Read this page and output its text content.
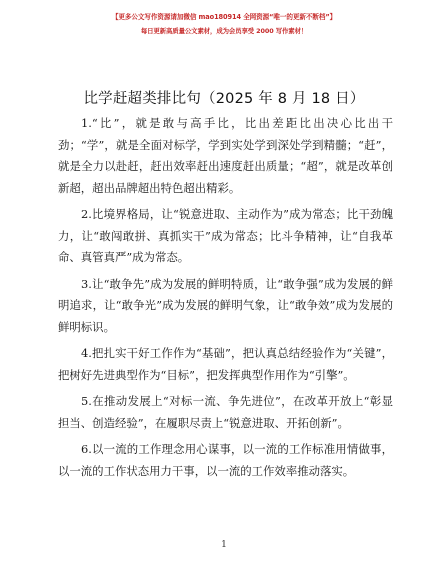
【更多公文写作资源请加微信 mao180914 全网资源“唯一的更新不断档”】
每日更新高质量公文素材，成为会员享受 2000 写作素材！
比学赶超类排比句（2025 年 8 月 18 日）

1.“比”，就是敢与高手比，比出差距比出决心比出干劲；“学”，就是全面对标学，学到实处学到深处学到精髓；“赶”，就是全力以赴赶，赶出效率赶出速度赶出质量；“超”，就是改革创新超，超出品牌超出特色超出精彩。

2.比境界格局，让“锐意进取、主动作为”成为常态；比干劲魄力，让“敢闯敢拼、真抓实干”成为常态；比斗争精神，让“自我革命、真管真严”成为常态。

3.让“敢争先”成为发展的鲜明特质，让“敢争强”成为发展的鲜明追求，让“敢争光”成为发展的鲜明气象，让“敢争效”成为发展的鲜明标识。

4.把扎实干好工作作为“基础”，把认真总结经验作为“关键”，把树好先进典型作为“目标”，把发挥典型作用作为“引擎”。

5.在推动发展上“对标一流、争先进位”，在改革开放上“彰显担当、创造经验”，在履职尽责上“锐意进取、开拓创新”。

6.以一流的工作理念用心谋事，以一流的工作标准用情做事，以一流的工作状态用力干事，以一流的工作效率推动落实。

1
